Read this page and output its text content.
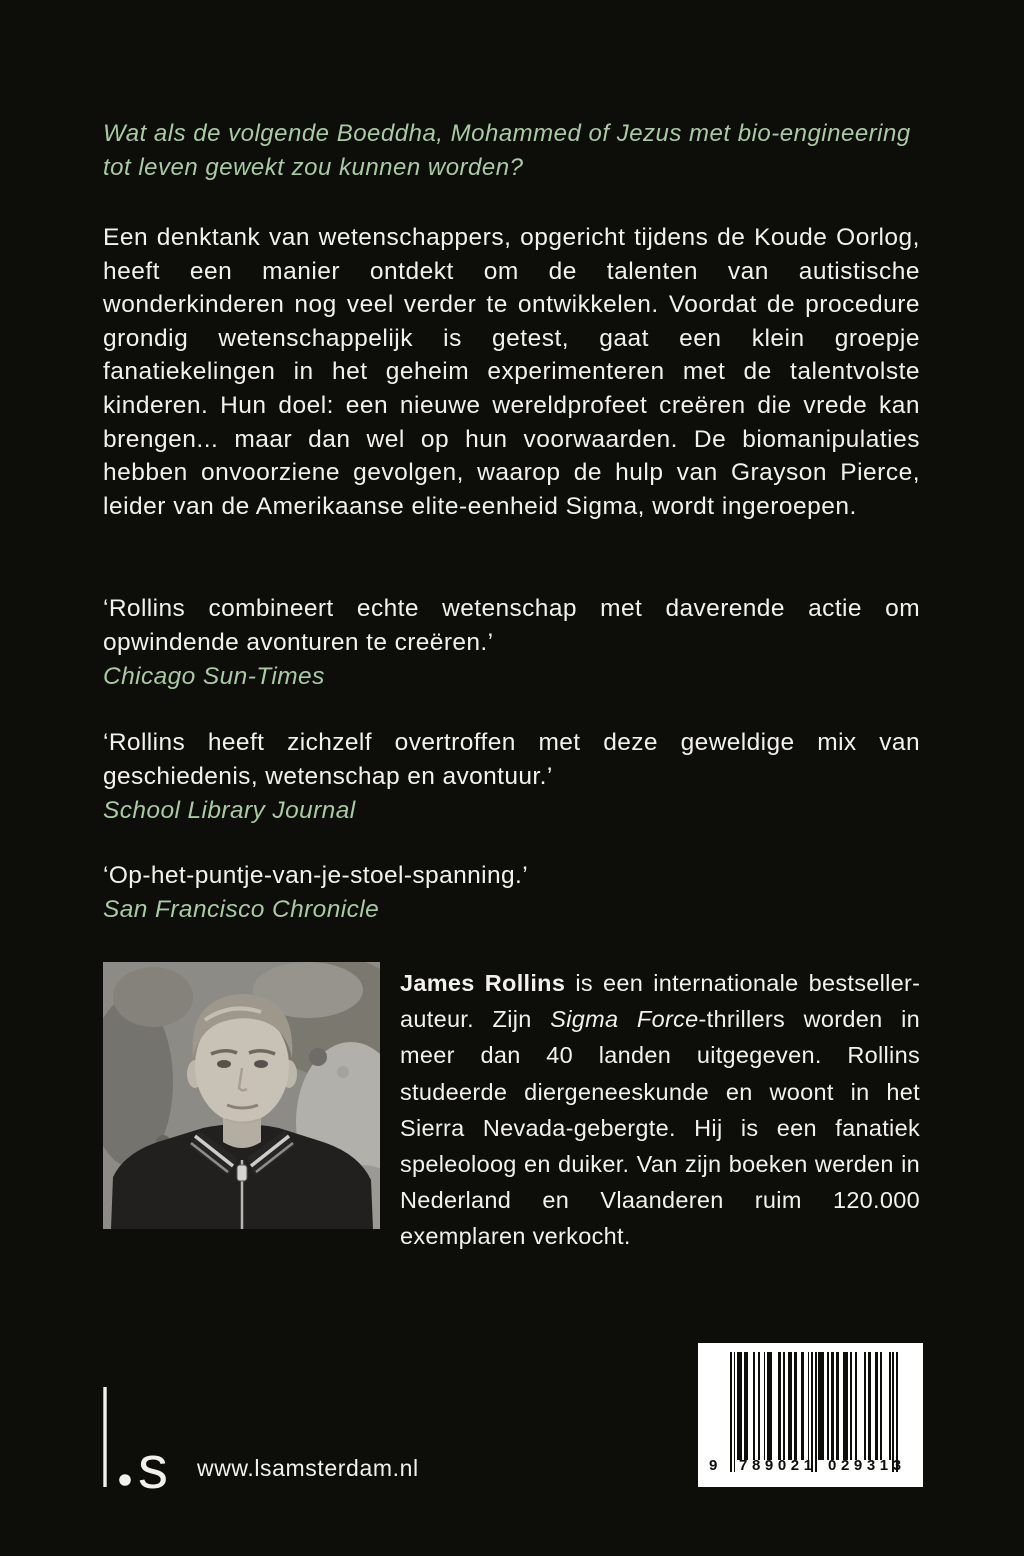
Wat als de volgende Boeddha, Mohammed of Jezus met bio-engineering tot leven gewekt zou kunnen worden?

Een denktank van wetenschappers, opgericht tijdens de Koude Oorlog, heeft een manier ontdekt om de talenten van autistische wonderkinderen nog veel verder te ontwikkelen. Voordat de procedure grondig wetenschappelijk is getest, gaat een klein groepje fanatiekelingen in het geheim experimenteren met de talentvolste kinderen. Hun doel: een nieuwe wereldprofeet creëren die vrede kan brengen... maar dan wel op hun voorwaarden. De biomanipulaties hebben onvoorziene gevolgen, waarop de hulp van Grayson Pierce, leider van de Amerikaanse elite-eenheid Sigma, wordt ingeroepen.

‘Rollins combineert echte wetenschap met daverende actie om opwindende avonturen te creëren.’

Chicago Sun-Times

‘Rollins heeft zichzelf overtroffen met deze geweldige mix van geschiedenis, wetenschap en avontuur.’

School Library Journal

‘Op-het-puntje-van-je-stoel-spanning.’

San Francisco Chronicle

James Rollins is een internationale bestsellerauteur. Zijn Sigma Force-thrillers worden in meer dan 40 landen uitgegeven. Rollins studeerde diergeneeskunde en woont in het Sierra Nevada-gebergte. Hij is een fanatiek speleoloog en duiker. Van zijn boeken werden in Nederland en Vlaanderen ruim 120.000 exemplaren verkocht.

s www.lsamsterdam.nl	9 789021 029313
